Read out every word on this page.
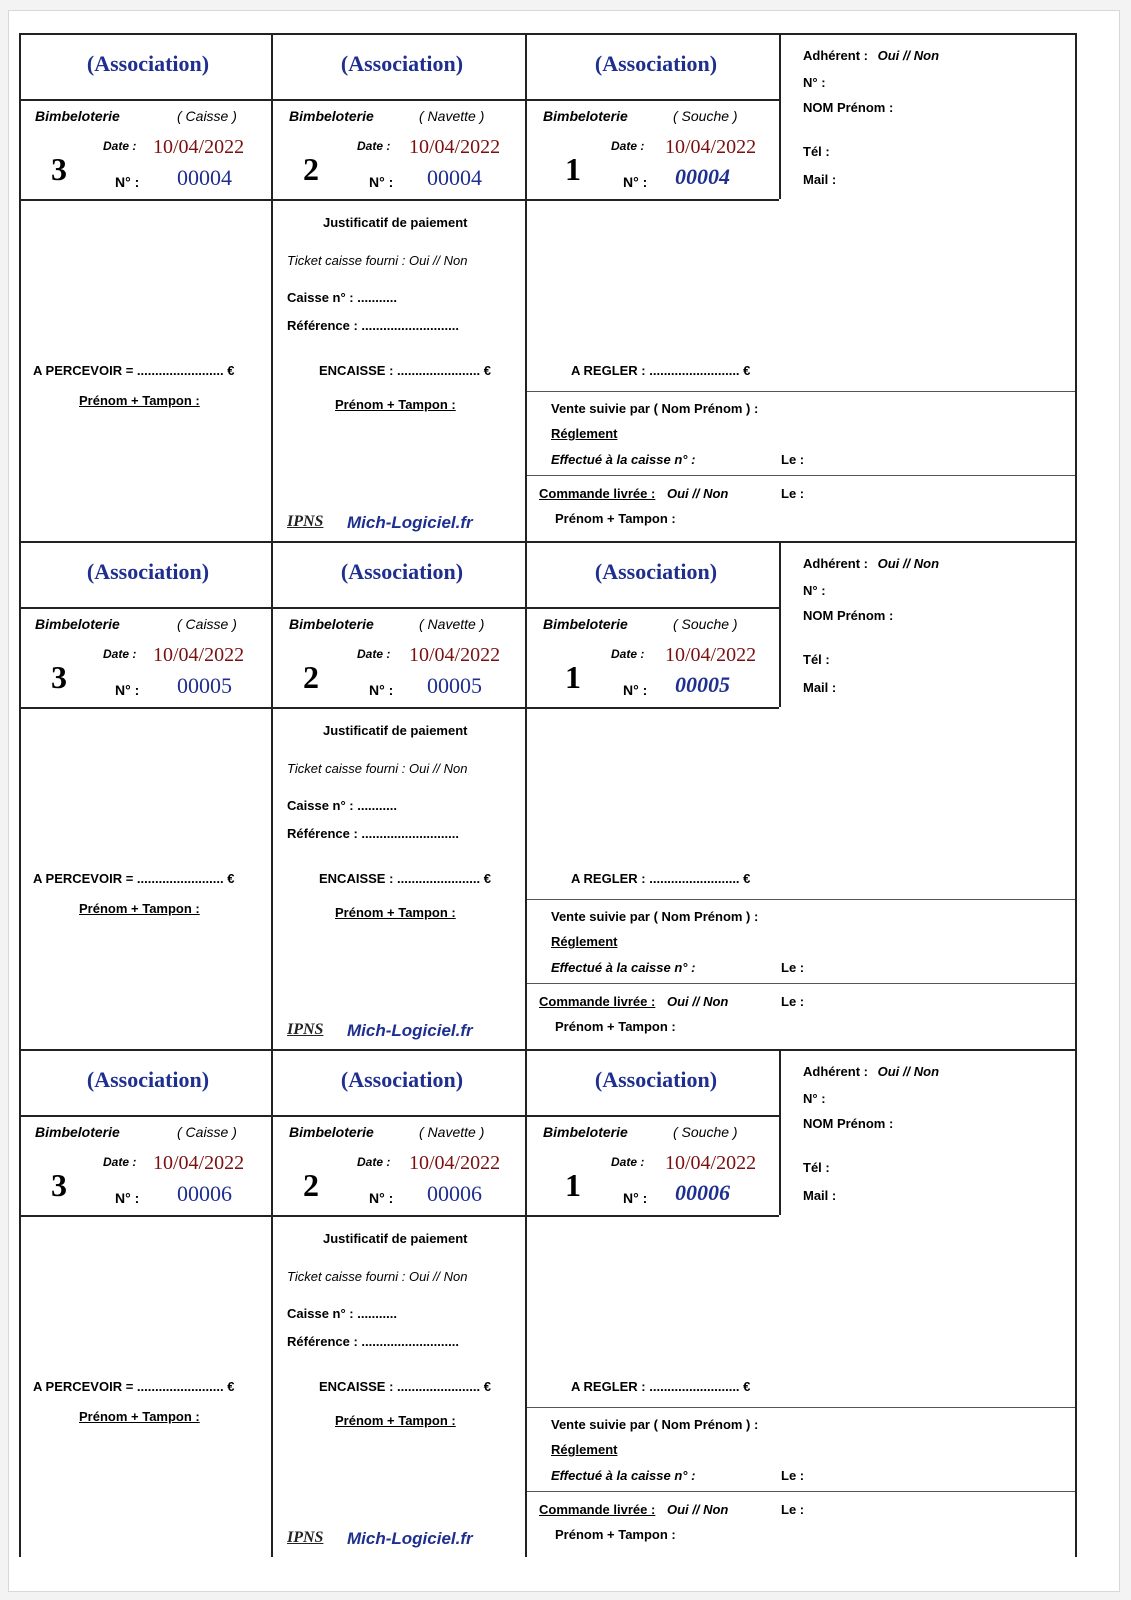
(Association)	(Association)	(Association)
Bimbeloterie	( Caisse )
Date : 10/04/2022
3	N° : 00004
Bimbeloterie	( Navette )
Date : 10/04/2022
2	N° : 00004
Bimbeloterie	( Souche )
Date : 10/04/2022
1	N° : 00004
Adhérent : Oui // Non
N° :
NOM Prénom :
Tél :
Mail :
A PERCEVOIR = ........................ €
Prénom + Tampon :
Justificatif de paiement
Ticket caisse fourni : Oui // Non
Caisse n° : ...........
Référence : ...........................
ENCAISSE : ....................... €
Prénom + Tampon :
IPNS Mich-Logiciel.fr
A REGLER : ......................... €
Vente suivie par ( Nom Prénom ) :
Réglement
Effectué à la caisse n° :	Le :
Commande livrée : Oui // Non	Le :
Prénom + Tampon :
(Association)	(Association)	(Association)
Bimbeloterie	( Caisse )
Date : 10/04/2022
3	N° : 00005
Bimbeloterie	( Navette )
Date : 10/04/2022
2	N° : 00005
Bimbeloterie	( Souche )
Date : 10/04/2022
1	N° : 00005
Adhérent : Oui // Non
N° :
NOM Prénom :
Tél :
Mail :
A PERCEVOIR = ........................ €
Prénom + Tampon :
Justificatif de paiement
Ticket caisse fourni : Oui // Non
Caisse n° : ...........
Référence : ...........................
ENCAISSE : ....................... €
Prénom + Tampon :
IPNS Mich-Logiciel.fr
A REGLER : ......................... €
Vente suivie par ( Nom Prénom ) :
Réglement
Effectué à la caisse n° :	Le :
Commande livrée : Oui // Non	Le :
Prénom + Tampon :
(Association)	(Association)	(Association)
Bimbeloterie	( Caisse )
Date : 10/04/2022
3	N° : 00006
Bimbeloterie	( Navette )
Date : 10/04/2022
2	N° : 00006
Bimbeloterie	( Souche )
Date : 10/04/2022
1	N° : 00006
Adhérent : Oui // Non
N° :
NOM Prénom :
Tél :
Mail :
A PERCEVOIR = ........................ €
Prénom + Tampon :
Justificatif de paiement
Ticket caisse fourni : Oui // Non
Caisse n° : ...........
Référence : ...........................
ENCAISSE : ....................... €
Prénom + Tampon :
IPNS Mich-Logiciel.fr
A REGLER : ......................... €
Vente suivie par ( Nom Prénom ) :
Réglement
Effectué à la caisse n° :	Le :
Commande livrée : Oui // Non	Le :
Prénom + Tampon :
